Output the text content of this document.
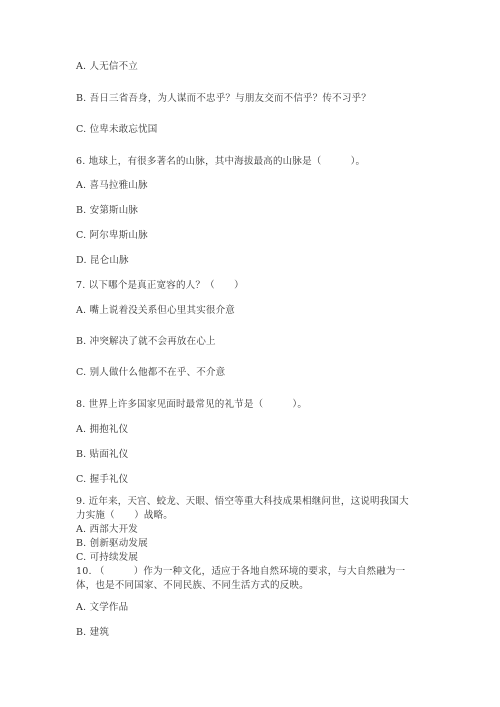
A. 人无信不立
B. 吾日三省吾身，为人谋而不忠乎？与朋友交而不信乎？传不习乎？
C. 位卑未敢忘忧国
6. 地球上，有很多著名的山脉，其中海拔最高的山脉是（　　　）。
A. 喜马拉雅山脉
B. 安第斯山脉
C. 阿尔卑斯山脉
D. 昆仑山脉
7. 以下哪个是真正宽容的人？（　　）
A. 嘴上说着没关系但心里其实很介意
B. 冲突解决了就不会再放在心上
C. 别人做什么他都不在乎、不介意
8. 世界上许多国家见面时最常见的礼节是（　　　）。
A. 拥抱礼仪
B. 贴面礼仪
C. 握手礼仪
9. 近年来，天宫、蛟龙、天眼、悟空等重大科技成果相继问世，这说明我国大
力实施（　　）战略。
A. 西部大开发
B. 创新驱动发展
C. 可持续发展
10. （　　　）作为一种文化，适应于各地自然环境的要求，与大自然融为一
体，也是不同国家、不同民族、不同生活方式的反映。
A. 文学作品
B. 建筑
